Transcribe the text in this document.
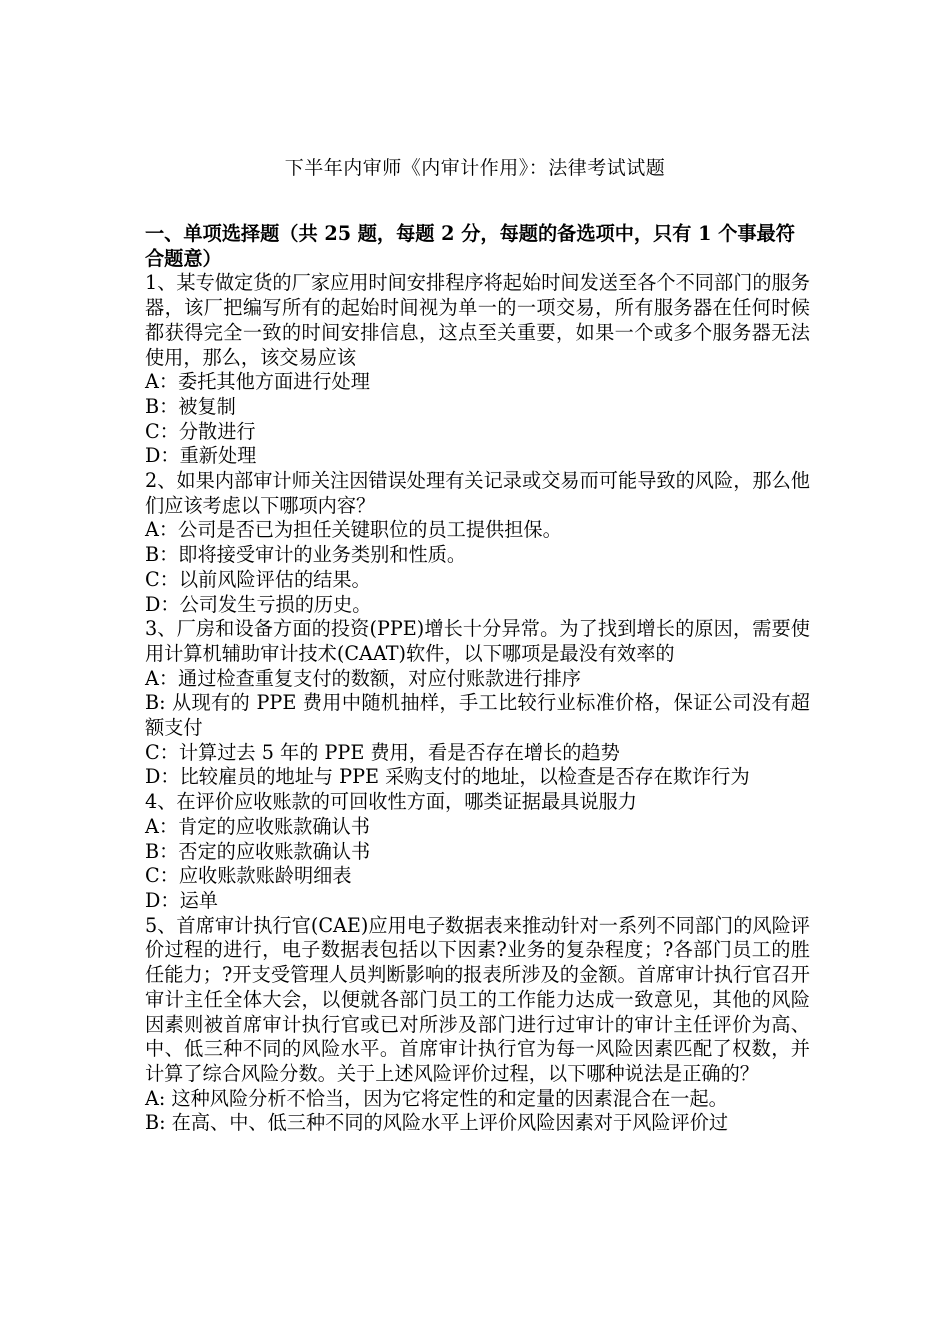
下半年内审师《内审计作用》：法律考试试题

一、单项选择题（共 25 题，每题 2 分，每题的备选项中，只有 1 个事最符合题意）

1、某专做定货的厂家应用时间安排程序将起始时间发送至各个不同部门的服务器，该厂把编写所有的起始时间视为单一的一项交易，所有服务器在任何时候都获得完全一致的时间安排信息，这点至关重要，如果一个或多个服务器无法使用，那么，该交易应该

A：委托其他方面进行处理

B：被复制

C：分散进行

D：重新处理

2、如果内部审计师关注因错误处理有关记录或交易而可能导致的风险，那么他们应该考虑以下哪项内容？

A：公司是否已为担任关键职位的员工提供担保。

B：即将接受审计的业务类别和性质。

C：以前风险评估的结果。

D：公司发生亏损的历史。

3、厂房和设备方面的投资(PPE)增长十分异常。为了找到增长的原因，需要使用计算机辅助审计技术(CAAT)软件，以下哪项是最没有效率的

A：通过检查重复支付的数额，对应付账款进行排序

B: 从现有的 PPE 费用中随机抽样，手工比较行业标准价格，保证公司没有超额支付

C：计算过去 5 年的 PPE 费用，看是否存在增长的趋势

D：比较雇员的地址与 PPE 采购支付的地址，以检查是否存在欺诈行为

4、在评价应收账款的可回收性方面，哪类证据最具说服力

A：肯定的应收账款确认书

B：否定的应收账款确认书

C：应收账款账龄明细表

D：运单

5、首席审计执行官(CAE)应用电子数据表来推动针对一系列不同部门的风险评价过程的进行，电子数据表包括以下因素?业务的复杂程度；?各部门员工的胜任能力；?开支受管理人员判断影响的报表所涉及的金额。首席审计执行官召开审计主任全体大会，以便就各部门员工的工作能力达成一致意见，其他的风险因素则被首席审计执行官或已对所涉及部门进行过审计的审计主任评价为高、中、低三种不同的风险水平。首席审计执行官为每一风险因素匹配了权数，并计算了综合风险分数。关于上述风险评价过程，以下哪种说法是正确的？

A: 这种风险分析不恰当，因为它将定性的和定量的因素混合在一起。

B: 在高、中、低三种不同的风险水平上评价风险因素对于风险评价过
